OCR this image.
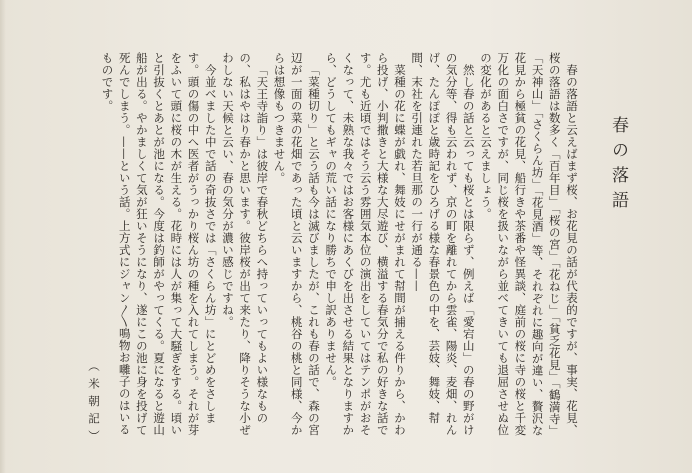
春の落語

春の落語と云えばまず桜、お花見の話が代表的ですが、事実、花見、桜の落語は数多く「百年目」「桜の宮」「花ねじ」「貧乏花見」「鶴満寺」「天神山」「さくらん坊」「花見酒」等、それぞれに趣向が違い、贅沢な花見から極貧の花見、船行きや茶番や怪異談、庭前の桜に寺の桜と千変万化の面白さですが、同じ桜を扱いながら並べてきいても退屈させぬ位の変化があると云えましょう。

然し春の話と云っても桜とは限らず、例えば「愛宕山」の春の野がけの気分等、得も云われず、京の町を離れてから雲雀、陽炎、麦畑、れんげ、たんぽぽと歳時記をひろげる様な春景色の中を、芸妓、舞妓、幇間、末社を引連れた若旦那の一行が通る——

菜種の花に蝶が戯れ、舞妓にせがまれて幇間が捕える件りから、かわら投げ、小判撒きと大様な大尽遊び、横溢する春気分で私の好きな話です。尤も近頃ではそう云う雰囲気本位の演出をしていてはテンポがおそくなって、未熟な我々ではお客様にあくびを出させる結果となりますから、どうしてもギャの荒い話になり勝ちで申し訳ありません。

「菜種切り」と云う話も今は滅びましたが、これも春の話で、森の宮辺が一面の菜の花畑であった頃と云いますから、桃谷の桃と同様、今からは想像もつきません。

「天王寺詣り」は彼岸で春秋どちらへ持っていってもよい様なものの、私はやはり春かと思います。彼岸桜が出て来たり、降りそうな小ぜわしない天候と云い、春の気分が濃い感じですね。

今並べました中で話の奇抜さでは「さくらん坊」にとどめをさします。頭の傷の中へ医者がうっかり桜ん坊の種を入れてしまう。それが芽をふいて頭に桜の木が生える。花時には人が集って大騒ぎをする。頃いと引抜くとあとが池になる。今度は釣師がやってくる。夏になると遊山船が出る。やかましくて気が狂いそうになり、遂にこの池に身を投げて死んでしまう。——という話。上方式にジャン〳〵鳴物お囃子のはいるものです。

（米朝記）
